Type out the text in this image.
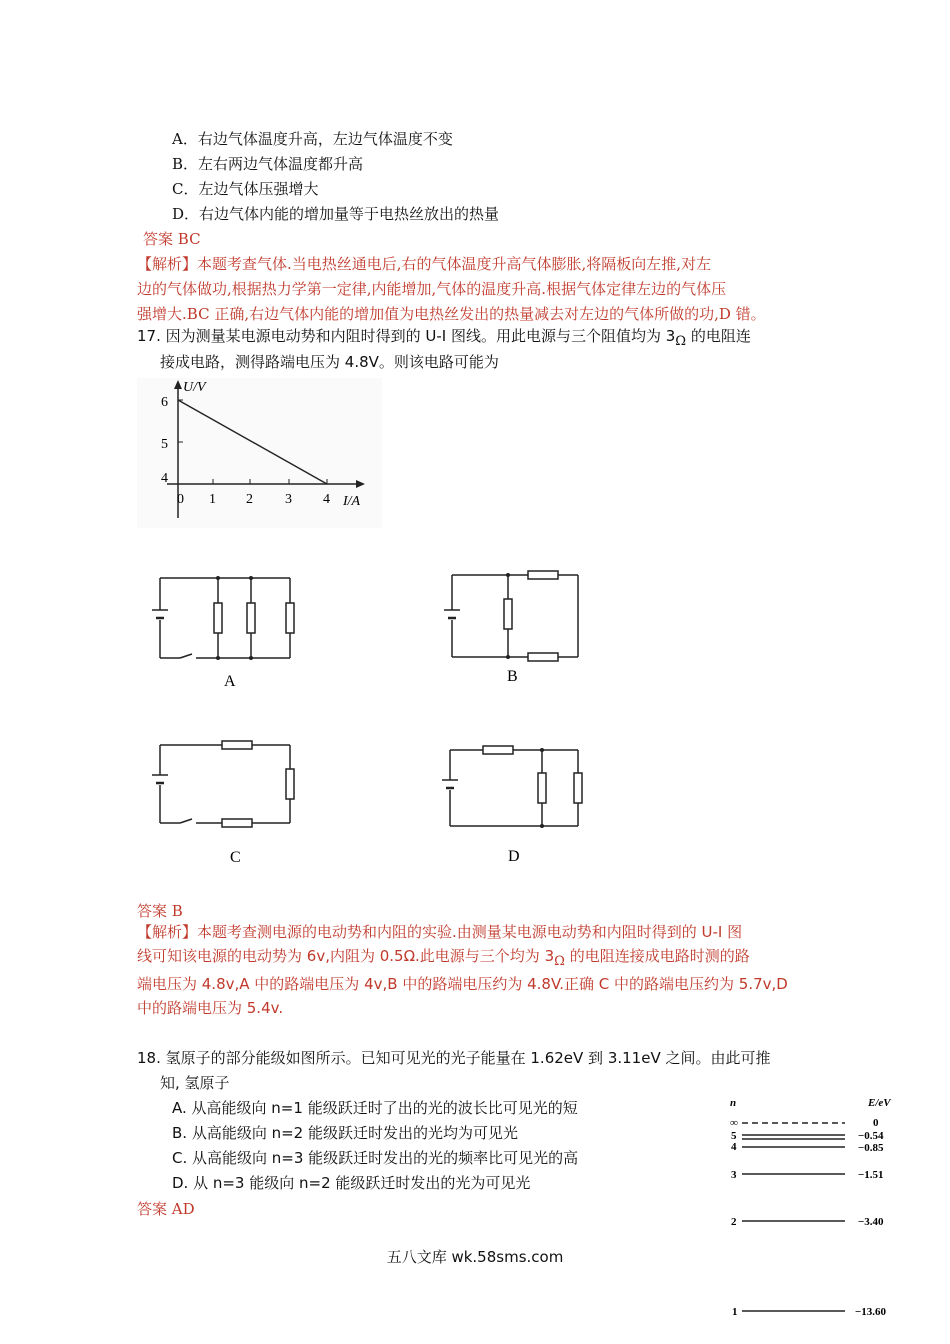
A．右边气体温度升高，左边气体温度不变
B．左右两边气体温度都升高
C．左边气体压强增大
D．右边气体内能的增加量等于电热丝放出的热量
答案 BC
【解析】本题考查气体.当电热丝通电后,右的气体温度升高气体膨胀,将隔板向左推,对左
边的气体做功,根据热力学第一定律,内能增加,气体的温度升高.根据气体定律左边的气体压
强增大.BC 正确,右边气体内能的增加值为电热丝发出的热量减去对左边的气体所做的功,D 错。
17. 因为测量某电源电动势和内阻时得到的 U-I 图线。用此电源与三个阻值均为 3Ω 的电阻连
接成电路，测得路端电压为 4.8V。则该电路可能为
U/V
I/A
6
5
4
0 1 2 3 4
A	B
C	D
答案 B
【解析】本题考查测电源的电动势和内阻的实验.由测量某电源电动势和内阻时得到的 U-I 图
线可知该电源的电动势为 6v,内阻为 0.5Ω.此电源与三个均为 3Ω 的电阻连接成电路时测的路
端电压为 4.8v,A 中的路端电压为 4v,B 中的路端电压约为 4.8V.正确 C 中的路端电压约为 5.7v,D
中的路端电压为 5.4v.
18. 氢原子的部分能级如图所示。已知可见光的光子能量在 1.62eV 到 3.11eV 之间。由此可推
知, 氢原子
A. 从高能级向 n=1 能级跃迁时了出的光的波长比可见光的短
B. 从高能级向 n=2 能级跃迁时发出的光均为可见光
C. 从高能级向 n=3 能级跃迁时发出的光的频率比可见光的高
D. 从 n=3 能级向 n=2 能级跃迁时发出的光为可见光
答案 AD
n	E/eV
∞
5
4
3
2
1
0
−0.54
−0.85
−1.51
−3.40
−13.60
五八文库 wk.58sms.com
